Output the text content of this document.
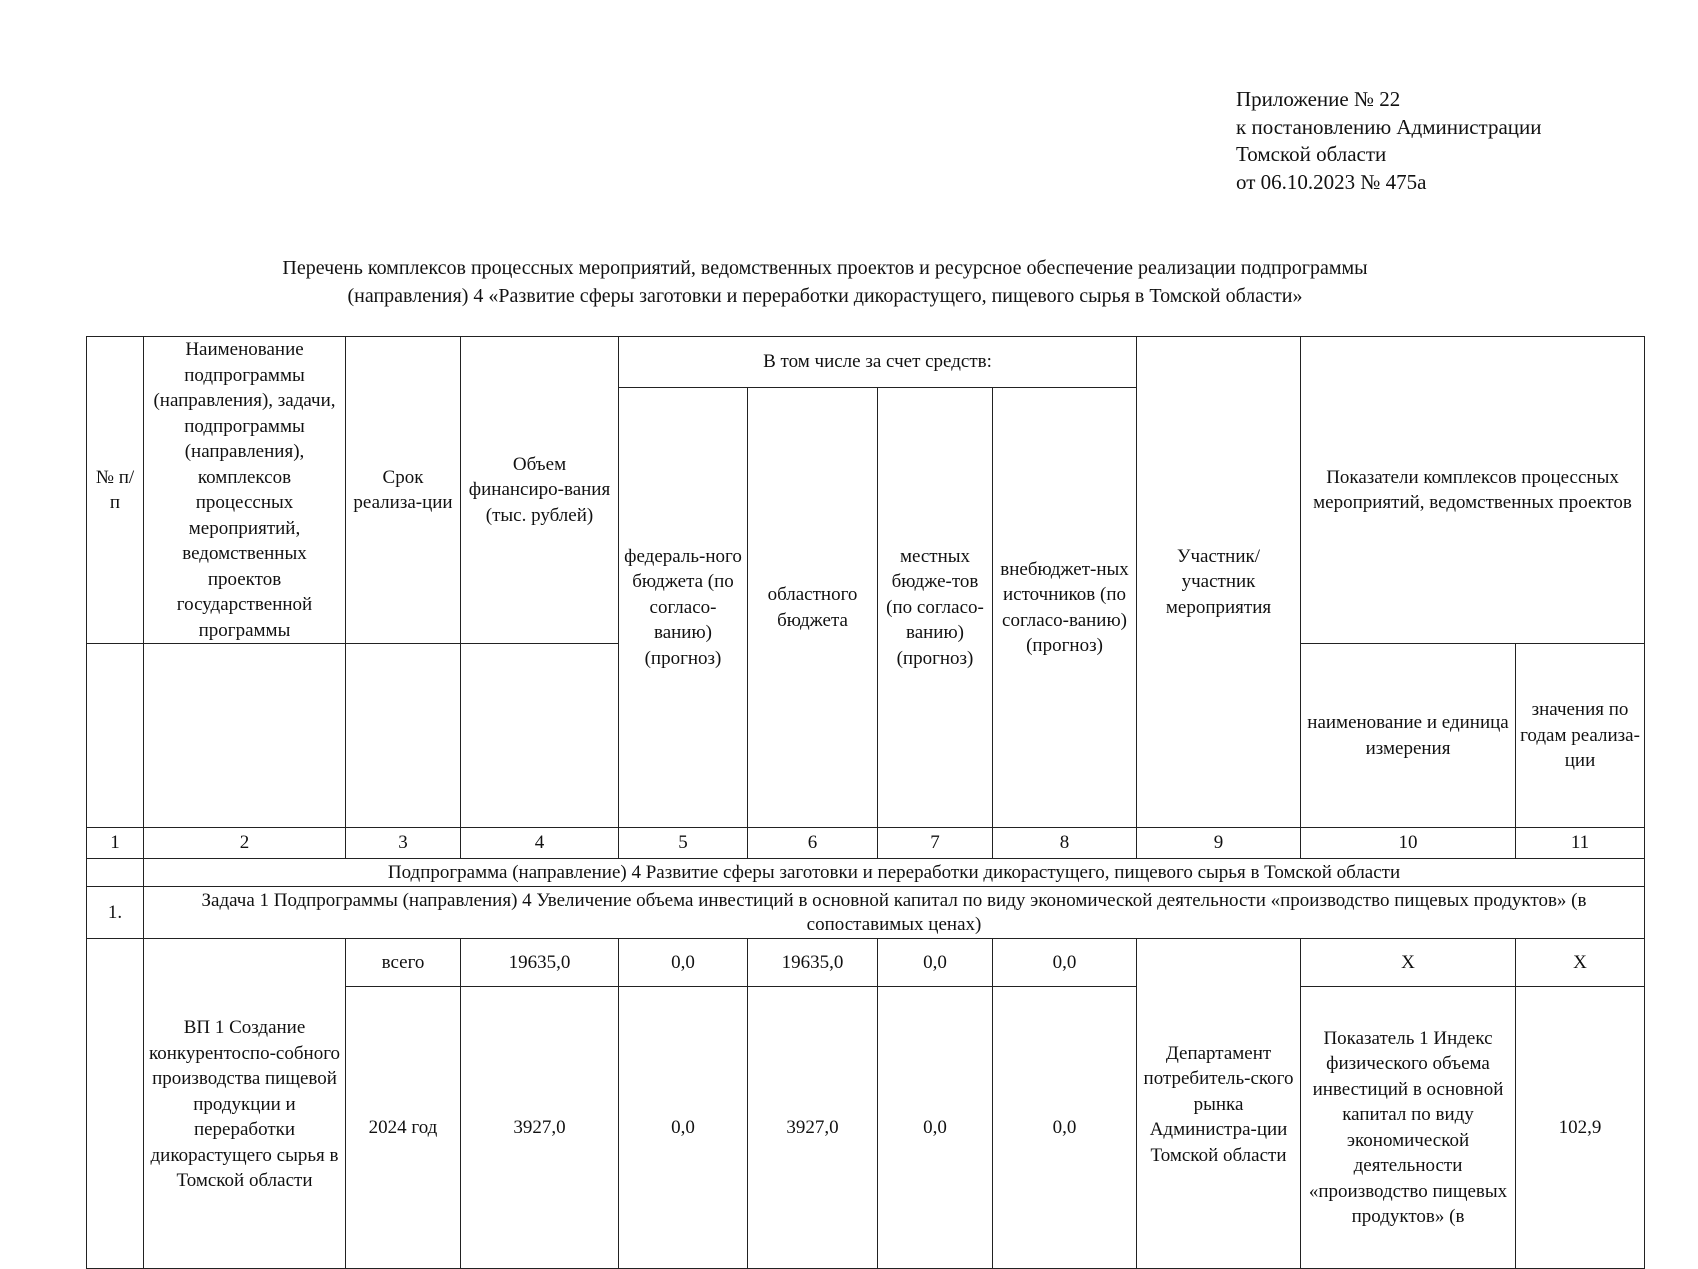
Приложение № 22
к постановлению Администрации
Томской области
от 06.10.2023 № 475а
Перечень комплексов процессных мероприятий, ведомственных проектов и ресурсное обеспечение реализации подпрограммы
(направления) 4 «Развитие сферы заготовки и переработки дикорастущего, пищевого сырья в Томской области»
№ п/п	Наименование подпрограммы (направления), задачи, подпрограммы (направления), комплексов процессных мероприятий, ведомственных проектов государственной программы	Срок реализа-ции	Объем финансиро-вания (тыс. рублей)	В том числе за счет средств:				Участник/ участник мероприятия	Показатели комплексов процессных мероприятий, ведомственных проектов	
				федераль-ного бюджета (по согласо-ванию) (прогноз)	областного бюджета	местных бюдже-тов (по согласо-ванию) (прогноз)	внебюджет-ных источников (по согласо-ванию) (прогноз)			
									наименование и единица измерения	значения по годам реализа-ции
1	2	3	4	5	6	7	8	9	10	11
	Подпрограмма (направление) 4 Развитие сферы заготовки и переработки дикорастущего, пищевого сырья в Томской области									
1.	Задача 1 Подпрограммы (направления) 4 Увеличение объема инвестиций в основной капитал по виду экономической деятельности «производство пищевых продуктов» (в сопоставимых ценах)									
	ВП 1 Создание конкурентоспо-собного производства пищевой продукции и переработки дикорастущего сырья в Томской области	всего	19635,0	0,0	19635,0	0,0	0,0	Департамент потребитель-ского рынка Администра-ции Томской области	Х	Х
		2024 год	3927,0	0,0	3927,0	0,0	0,0		Показатель 1 Индекс физического объема инвестиций в основной капитал по виду экономической деятельности «производство пищевых продуктов» (в	102,9
